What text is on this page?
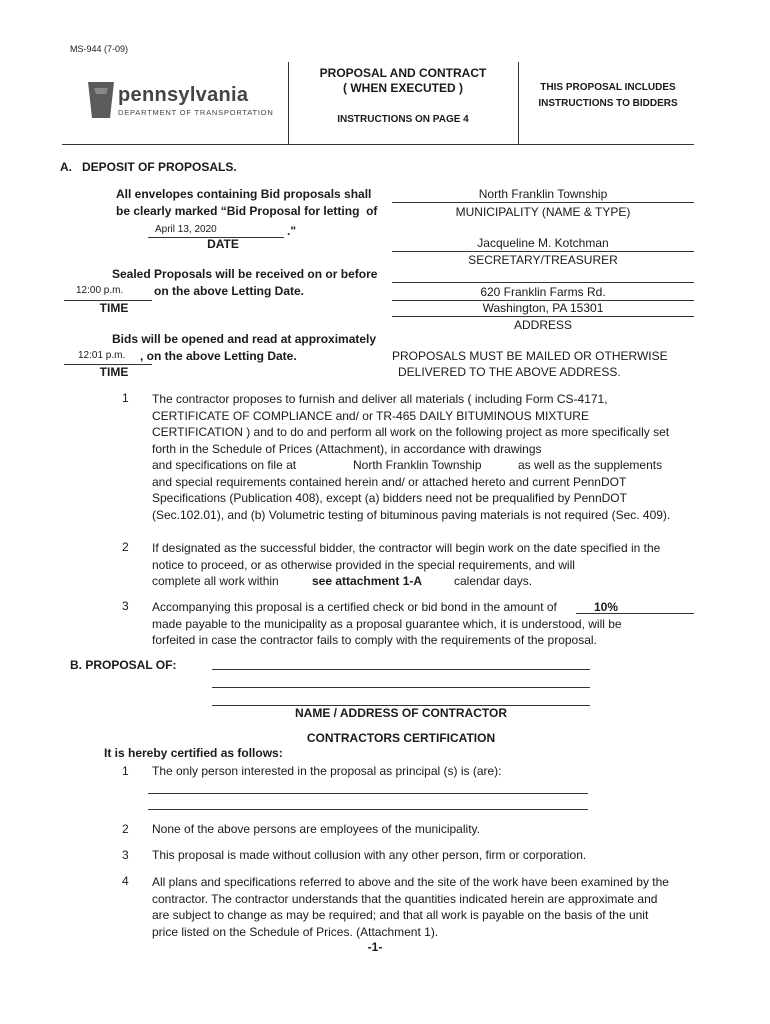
MS-944 (7-09)
pennsylvania
DEPARTMENT OF TRANSPORTATION
PROPOSAL AND CONTRACT
( WHEN EXECUTED )
INSTRUCTIONS ON PAGE 4
THIS PROPOSAL INCLUDES
INSTRUCTIONS TO BIDDERS
A.   DEPOSIT OF PROPOSALS.
All envelopes containing Bid proposals shall
be clearly marked “Bid Proposal for letting  of
April 13, 2020	."
DATE
Sealed Proposals will be received on or before
12:00 p.m.	on the above Letting Date.
TIME
Bids will be opened and read at approximately
12:01 p.m. , on the above Letting Date.
TIME
North Franklin Township
MUNICIPALITY (NAME & TYPE)
Jacqueline M. Kotchman
SECRETARY/TREASURER
620 Franklin Farms Rd.
Washington, PA 15301
ADDRESS
PROPOSALS MUST BE MAILED OR OTHERWISE
DELIVERED TO THE ABOVE ADDRESS.
1 The contractor proposes to furnish and deliver all materials ( including Form CS-4171,
CERTIFICATE OF COMPLIANCE and/ or TR-465 DAILY BITUMINOUS MIXTURE
CERTIFICATION ) and to do and perform all work on the following project as more specifically set
forth in the Schedule of Prices (Attachment), in accordance with drawings
and specifications on file at	North Franklin Township	as well as the supplements
and special requirements contained herein and/ or attached hereto and current PennDOT
Specifications (Publication 408), except (a) bidders need not be prequalified by PennDOT
(Sec.102.01), and (b) Volumetric testing of bituminous paving materials is not required (Sec. 409).
2 If designated as the successful bidder, the contractor will begin work on the date specified in the
notice to proceed, or as otherwise provided in the special requirements, and will
complete all work within	see attachment 1-A	calendar days.
3 Accompanying this proposal is a certified check or bid bond in the amount of	10%
made payable to the municipality as a proposal guarantee which, it is understood, will be
forfeited in case the contractor fails to comply with the requirements of the proposal.
B. PROPOSAL OF:
NAME / ADDRESS OF CONTRACTOR
CONTRACTORS CERTIFICATION
It is hereby certified as follows:
1 The only person interested in the proposal as principal (s) is (are):
2 None of the above persons are employees of the municipality.
3 This proposal is made without collusion with any other person, firm or corporation.
4 All plans and specifications referred to above and the site of the work have been examined by the
contractor. The contractor understands that the quantities indicated herein are approximate and
are subject to change as may be required; and that all work is payable on the basis of the unit
price listed on the Schedule of Prices. (Attachment 1).
-1-
